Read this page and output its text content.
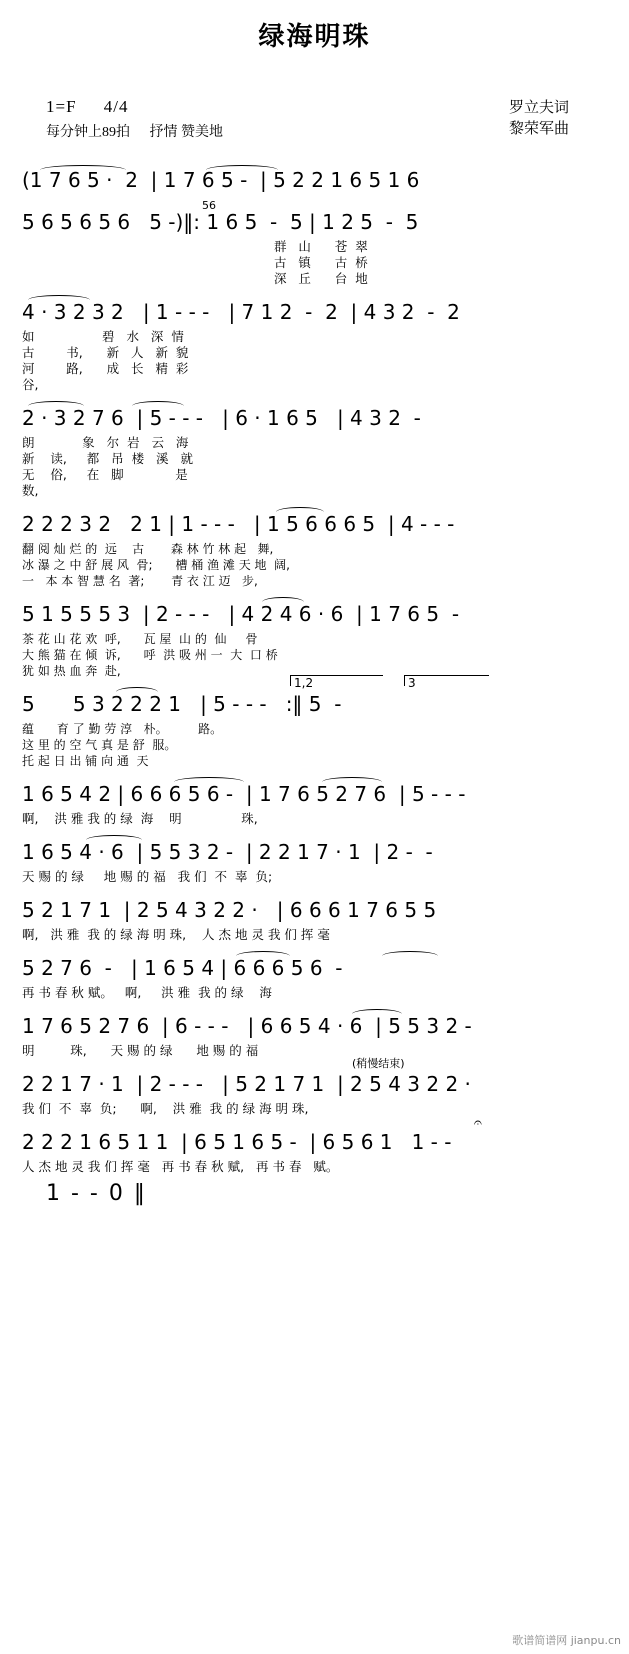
绿海明珠
1=F 4/4
每分钟上89拍 抒情 赞美地
罗立夫词
黎荣军曲
(1 7 6 5 ·  2  | 1 7 6 5 -  | 5 2 2 1 6 5 1 6
5 6 5 6 5 6   5 -)‖: 1 6 5  -  5 | 1 2 5  -  5
56
群   山      苍  翠
古   镇      古  桥
深   丘      台  地
4 · 3 2 3 2   | 1 - - -   | 7 1 2  -  2  | 4 3 2  -  2
如                 碧   水   深  情
古        书,      新   人   新  貌
河        路,      成   长   精  彩
谷,
2 · 3 2 7 6  | 5 - - -   | 6 · 1 6 5   | 4 3 2  -
朗            象   尔  岩   云   海
新    读,     都   吊  楼   溪   就
无    俗,     在   脚             是
数,
2 2 2 3 2   2 1 | 1 - - -   | 1 5 6 6 6 5  | 4 - - -
翻 阅 灿 烂 的  远    古       森 林 竹 林 起   舞,
冰 瀑 之 中 舒 展 风  骨;      槽 桶 渔 滩 天 地  阔,
一   本 本 智 慧 名  著;       青 衣 江 迈   步,
5 1 5 5 5 3  | 2 - - -   | 4 2 4 6 · 6  | 1 7 6 5  -
茶 花 山 花 欢  呼,      瓦 屋  山 的  仙     骨
大 熊 猫 在 倾  诉,      呼  洪 吸 州 一  大  口 桥
犹 如 热 血 奔  赴,
1,2	3
5      5 3 2 2 2 1   | 5 - - -   :‖ 5  -
蕴      育 了 勤 劳 淳   朴。        路。
这 里 的 空 气 真 是 舒  服。
托 起 日 出 铺 向 通  天
1 6 5 4 2 | 6 6 6 5 6 -  | 1 7 6 5 2 7 6  | 5 - - -
啊,    洪 雅 我 的 绿  海    明               珠,
1 6 5 4 · 6  | 5 5 3 2 -  | 2 2 1 7 · 1  | 2 -  -
天 赐 的 绿     地 赐 的 福   我 们  不  辜  负;
5 2 1 7 1  | 2 5 4 3 2 2 ·   | 6 6 6 1 7 6 5 5
啊,   洪 雅  我 的 绿 海 明 珠,    人 杰 地 灵 我 们 挥 毫
5 2 7 6  -   | 1 6 5 4 | 6 6 6 5 6  -
再 书 春 秋 赋。   啊,     洪 雅  我 的 绿    海
1 7 6 5 2 7 6  | 6 - - -   | 6 6 5 4 · 6  | 5 5 3 2 -
明         珠,      天 赐 的 绿      地 赐 的 福
2 2 1 7 · 1  | 2 - - -   | 5 2 1 7 1  | 2 5 4 3 2 2 ·
我 们  不  辜  负;      啊,    洪 雅  我 的 绿 海 明 珠,
(稍慢结束)
2 2 2 1 6 5 1 1  | 6 5 1 6 5 -  | 6 5 6 1   1 - -
𝄐
人 杰 地 灵 我 们 挥 毫   再 书 春 秋 赋,   再 书 春   赋。
1 - - 0 ‖
歌谱简谱网 jianpu.cn
